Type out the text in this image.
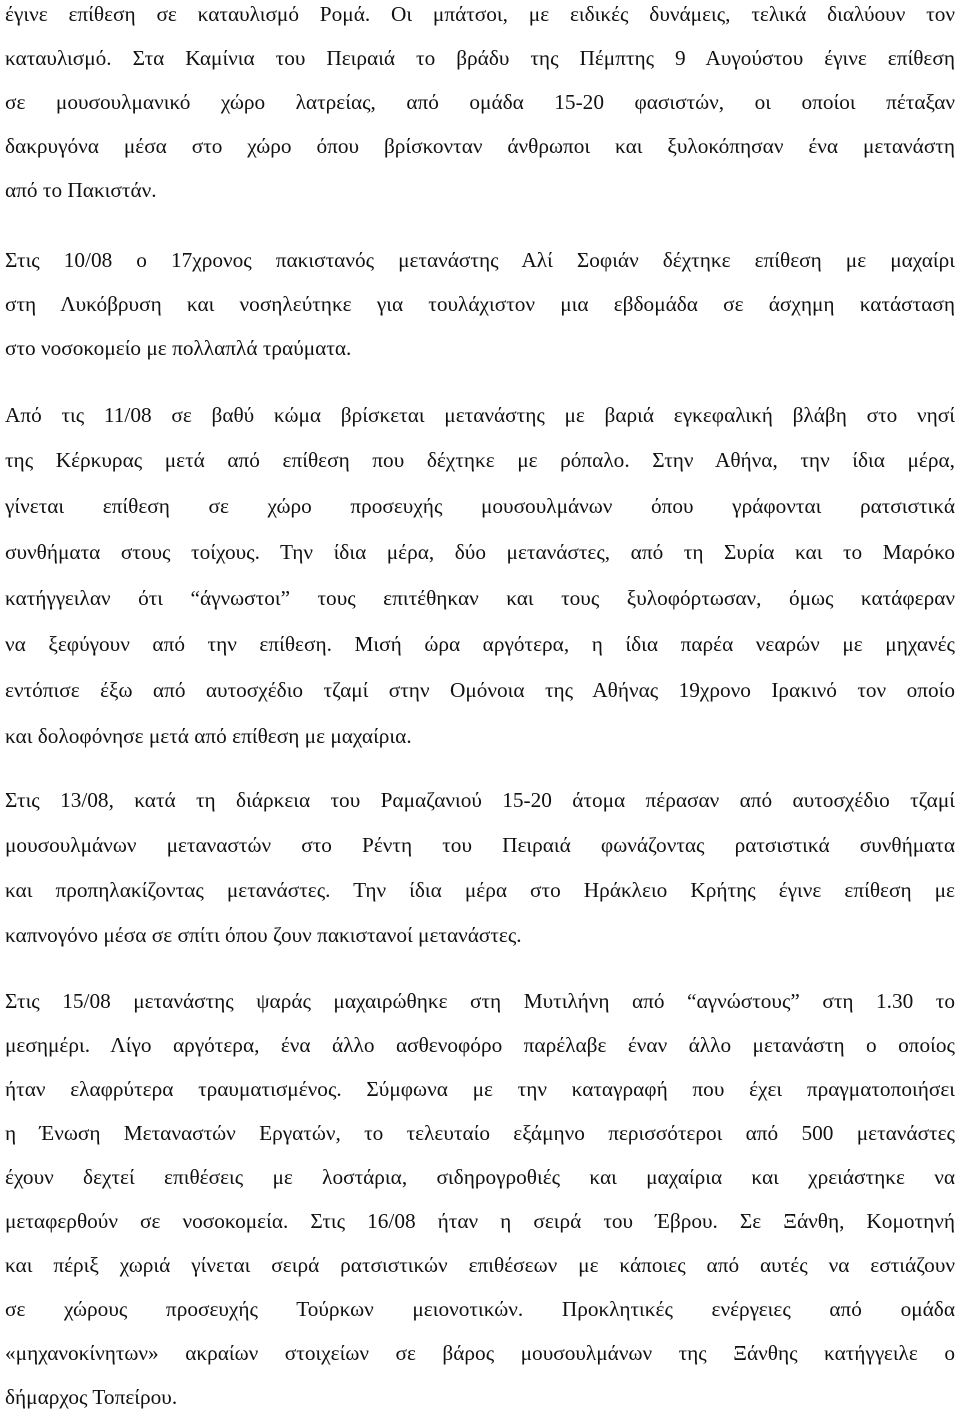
έγινε επίθεση σε καταυλισμό Ρομά. Οι μπάτσοι, με ειδικές δυνάμεις, τελικά διαλύουν τον
καταυλισμό. Στα Καμίνια του Πειραιά το βράδυ της Πέμπτης 9 Αυγούστου έγινε επίθεση
σε μουσουλμανικό χώρο λατρείας, από ομάδα 15-20 φασιστών, οι οποίοι πέταξαν
δακρυγόνα μέσα στο χώρο όπου βρίσκονταν άνθρωποι και ξυλοκόπησαν ένα μετανάστη
από το Πακιστάν.
Στις 10/08 ο 17χρονος πακιστανός μετανάστης Αλί Σοφιάν δέχτηκε επίθεση με μαχαίρι
στη Λυκόβρυση και νοσηλεύτηκε για τουλάχιστον μια εβδομάδα σε άσχημη κατάσταση
στο νοσοκομείο με πολλαπλά τραύματα.
Από τις 11/08 σε βαθύ κώμα βρίσκεται μετανάστης με βαριά εγκεφαλική βλάβη στο νησί
της Κέρκυρας μετά από επίθεση που δέχτηκε με ρόπαλο. Στην Αθήνα, την ίδια μέρα,
γίνεται επίθεση σε χώρο προσευχής μουσουλμάνων όπου γράφονται ρατσιστικά
συνθήματα στους τοίχους. Την ίδια μέρα, δύο μετανάστες, από τη Συρία και το Μαρόκο
κατήγγειλαν ότι “άγνωστοι” τους επιτέθηκαν και τους ξυλοφόρτωσαν, όμως κατάφεραν
να ξεφύγουν από την επίθεση. Μισή ώρα αργότερα, η ίδια παρέα νεαρών με μηχανές
εντόπισε έξω από αυτοσχέδιο τζαμί στην Ομόνοια της Αθήνας 19χρονο Ιρακινό τον οποίο
και δολοφόνησε μετά από επίθεση με μαχαίρια.
Στις 13/08, κατά τη διάρκεια του Ραμαζανιού 15-20 άτομα πέρασαν από αυτοσχέδιο τζαμί
μουσουλμάνων μεταναστών στο Ρέντη του Πειραιά φωνάζοντας ρατσιστικά συνθήματα
και προπηλακίζοντας μετανάστες. Την ίδια μέρα στο Ηράκλειο Κρήτης έγινε επίθεση με
καπνογόνο μέσα σε σπίτι όπου ζουν πακιστανοί μετανάστες.
Στις 15/08 μετανάστης ψαράς μαχαιρώθηκε στη Μυτιλήνη από “αγνώστους” στη 1.30 το
μεσημέρι. Λίγο αργότερα, ένα άλλο ασθενοφόρο παρέλαβε έναν άλλο μετανάστη ο οποίος
ήταν ελαφρύτερα τραυματισμένος. Σύμφωνα με την καταγραφή που έχει πραγματοποιήσει
η Ένωση Μεταναστών Εργατών, το τελευταίο εξάμηνο περισσότεροι από 500 μετανάστες
έχουν δεχτεί επιθέσεις με λοστάρια, σιδηρογροθιές και μαχαίρια και χρειάστηκε να
μεταφερθούν σε νοσοκομεία. Στις 16/08 ήταν η σειρά του Έβρου. Σε Ξάνθη, Κομοτηνή
και πέριξ χωριά γίνεται σειρά ρατσιστικών επιθέσεων με κάποιες από αυτές να εστιάζουν
σε χώρους προσευχής Τούρκων μειονοτικών. Προκλητικές ενέργειες από ομάδα
«μηχανοκίνητων» ακραίων στοιχείων σε βάρος μουσουλμάνων της Ξάνθης κατήγγειλε ο
δήμαρχος Τοπείρου.
